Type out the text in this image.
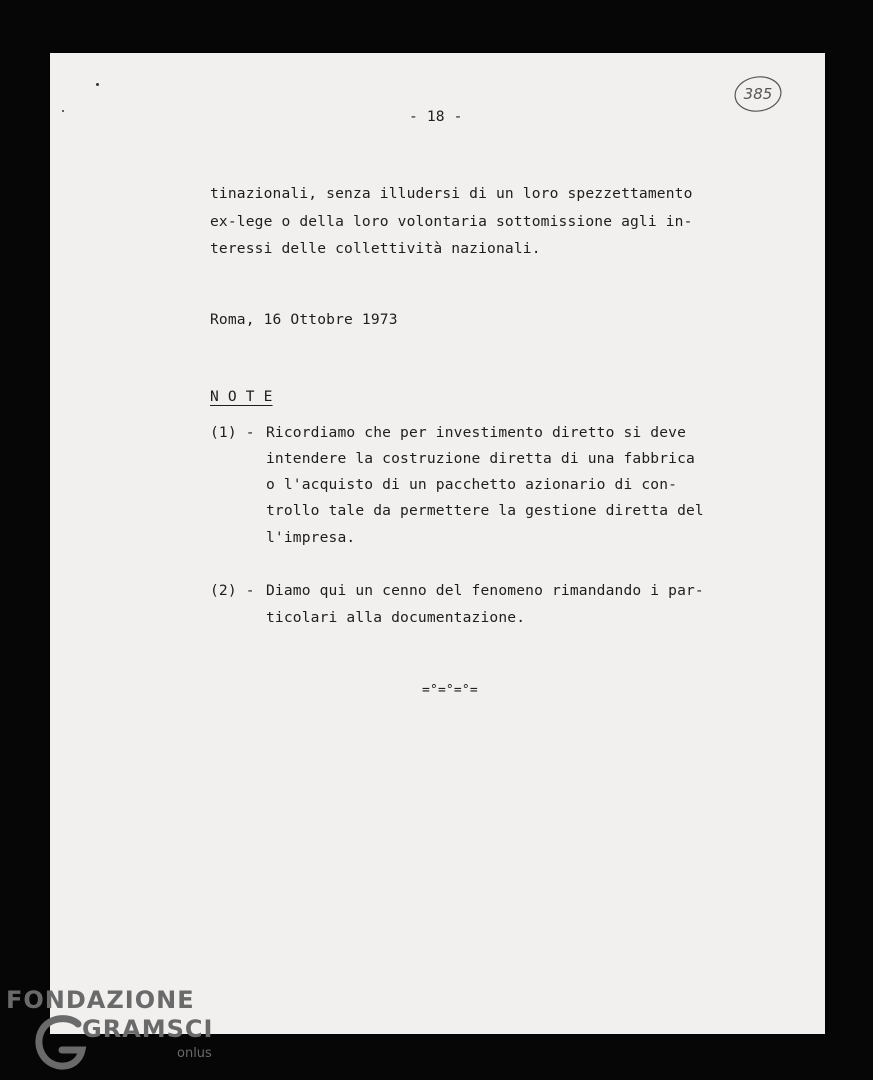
- 18 -
385
tinazionali, senza illudersi di un loro spezzettamento
ex-lege o della loro volontaria sottomissione agli in-
teressi delle collettività nazionali.
Roma, 16 Ottobre 1973
N O T E
(1) - Ricordiamo che per investimento diretto si deve
intendere la costruzione diretta di una fabbrica
o l'acquisto di un pacchetto azionario di con-
trollo tale da permettere la gestione diretta del
l'impresa.
(2) - Diamo qui un cenno del fenomeno rimandando i par-
ticolari alla documentazione.
=°=°=°=
FONDAZIONE
GRAMSCI
onlus
